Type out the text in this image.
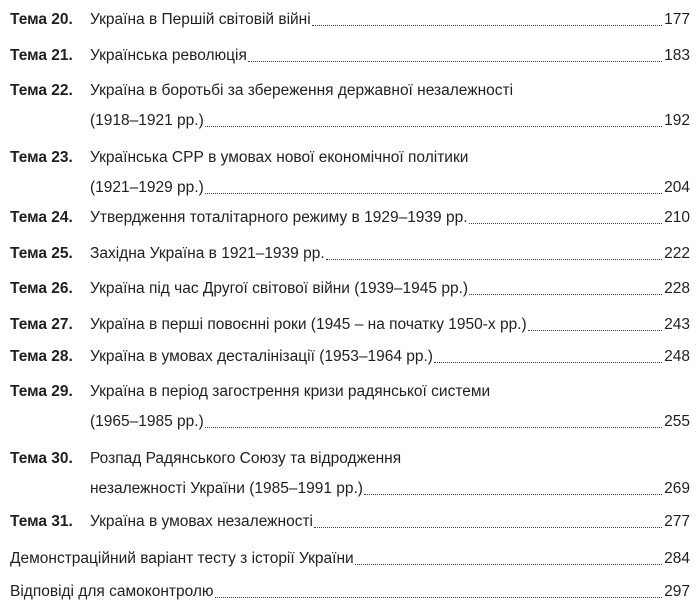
Тема 20. Україна в Першій світовій війні	177
Тема 21. Українська революція	183
Тема 22. Україна в боротьбі за збереження державної незалежності
(1918–1921 рр.)	192
Тема 23. Українська СРР в умовах нової економічної політики
(1921–1929 рр.)	204
Тема 24. Утвердження тоталітарного режиму в 1929–1939 рр.	210
Тема 25. Західна Україна в 1921–1939 рр.	222
Тема 26. Україна під час Другої світової війни (1939–1945 рр.)	228
Тема 27. Україна в перші повоєнні роки (1945 – на початку 1950-х рр.)	243
Тема 28. Україна в умовах десталінізації (1953–1964 рр.)	248
Тема 29. Україна в період загострення кризи радянської системи
(1965–1985 рр.)	255
Тема 30. Розпад Радянського Союзу та відродження
незалежності України (1985–1991 рр.)	269
Тема 31. Україна в умовах незалежності	277
Демонстраційний варіант тесту з історії України	284
Відповіді для самоконтролю	297
